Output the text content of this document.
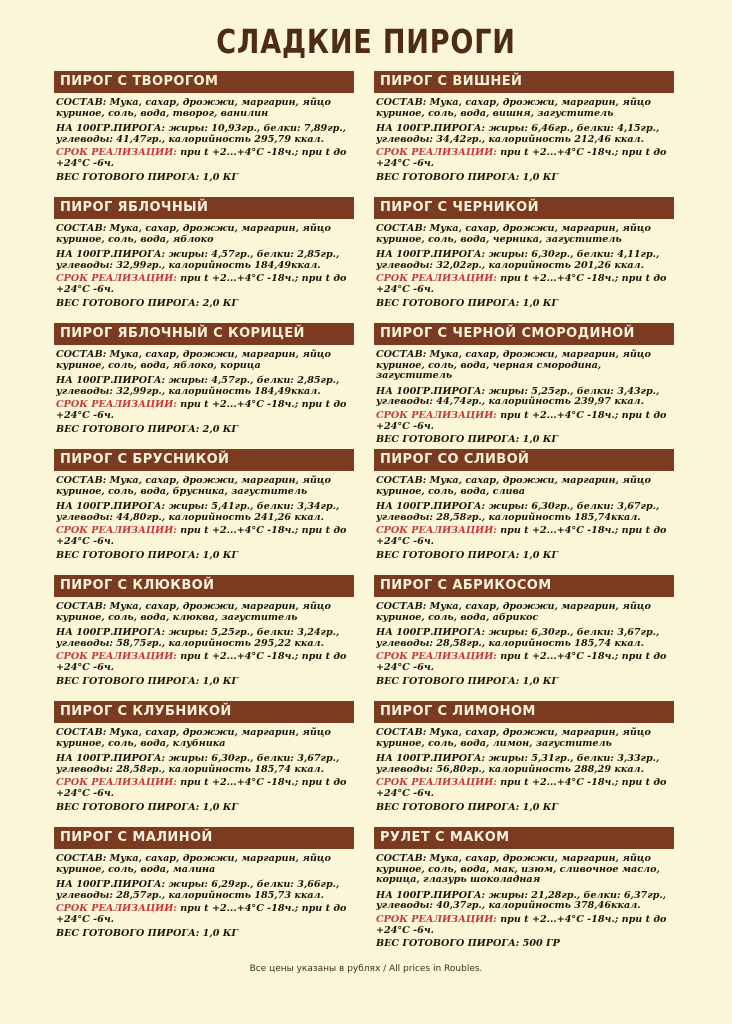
СЛАДКИЕ ПИРОГИ
ПИРОГ С ТВОРОГОМ

СОСТАВ: Мука, сахар, дрожжи, маргарин, яйцо куриное, соль, вода, творог, ванилин

НА 100ГР.ПИРОГА: жиры: 10,93гр., белки: 7,89гр., углеводы: 41,47гр., калорийность 295,79 ккал.

СРОК РЕАЛИЗАЦИИ: при t +2...+4°С -18ч.; при t до +24°С -6ч.

ВЕС ГОТОВОГО ПИРОГА: 1,0 КГ

ПИРОГ ЯБЛОЧНЫЙ

СОСТАВ: Мука, сахар, дрожжи, маргарин, яйцо куриное, соль, вода, яблоко

НА 100ГР.ПИРОГА: жиры: 4,57гр., белки: 2,85гр., углеводы: 32,99гр., калорийность 184,49ккал.

СРОК РЕАЛИЗАЦИИ: при t +2...+4°С -18ч.; при t до +24°С -6ч.

ВЕС ГОТОВОГО ПИРОГА: 2,0 КГ

ПИРОГ ЯБЛОЧНЫЙ С КОРИЦЕЙ

СОСТАВ: Мука, сахар, дрожжи, маргарин, яйцо куриное, соль, вода, яблоко, корица

НА 100ГР.ПИРОГА: жиры: 4,57гр., белки: 2,85гр., углеводы: 32,99гр., калорийность 184,49ккал.

СРОК РЕАЛИЗАЦИИ: при t +2...+4°С -18ч.; при t до +24°С -6ч.

ВЕС ГОТОВОГО ПИРОГА: 2,0 КГ

ПИРОГ С БРУСНИКОЙ

СОСТАВ: Мука, сахар, дрожжи, маргарин, яйцо куриное, соль, вода, брусника, загуститель

НА 100ГР.ПИРОГА: жиры: 5,41гр., белки: 3,34гр., углеводы: 44,80гр., калорийность 241,26 ккал.

СРОК РЕАЛИЗАЦИИ: при t +2...+4°С -18ч.; при t до +24°С -6ч.

ВЕС ГОТОВОГО ПИРОГА: 1,0 КГ

ПИРОГ С КЛЮКВОЙ

СОСТАВ: Мука, сахар, дрожжи, маргарин, яйцо куриное, соль, вода, клюква, загуститель

НА 100ГР.ПИРОГА: жиры: 5,25гр., белки: 3,24гр., углеводы: 58,75гр., калорийность 295,22 ккал.

СРОК РЕАЛИЗАЦИИ: при t +2...+4°С -18ч.; при t до +24°С -6ч.

ВЕС ГОТОВОГО ПИРОГА: 1,0 КГ

ПИРОГ С КЛУБНИКОЙ

СОСТАВ: Мука, сахар, дрожжи, маргарин, яйцо куриное, соль, вода, клубника

НА 100ГР.ПИРОГА: жиры: 6,30гр., белки: 3,67гр., углеводы: 28,58гр., калорийность 185,74 ккал.

СРОК РЕАЛИЗАЦИИ: при t +2...+4°С -18ч.; при t до +24°С -6ч.

ВЕС ГОТОВОГО ПИРОГА: 1,0 КГ

ПИРОГ С МАЛИНОЙ

СОСТАВ: Мука, сахар, дрожжи, маргарин, яйцо куриное, соль, вода, малина

НА 100ГР.ПИРОГА: жиры: 6,29гр., белки: 3,66гр., углеводы: 28,57гр., калорийность 185,73 ккал.

СРОК РЕАЛИЗАЦИИ: при t +2...+4°С -18ч.; при t до +24°С -6ч.

ВЕС ГОТОВОГО ПИРОГА: 1,0 КГ

ПИРОГ С ВИШНЕЙ

СОСТАВ: Мука, сахар, дрожжи, маргарин, яйцо куриное, соль, вода, вишня, загуститель

НА 100ГР.ПИРОГА: жиры: 6,46гр., белки: 4,15гр., углеводы: 34,42гр., калорийность 212,46 ккал.

СРОК РЕАЛИЗАЦИИ: при t +2...+4°С -18ч.; при t до +24°С -6ч.

ВЕС ГОТОВОГО ПИРОГА: 1,0 КГ

ПИРОГ С ЧЕРНИКОЙ

СОСТАВ: Мука, сахар, дрожжи, маргарин, яйцо куриное, соль, вода, черника, загуститель

НА 100ГР.ПИРОГА: жиры: 6,30гр., белки: 4,11гр., углеводы: 32,02гр., калорийность 201,26 ккал.

СРОК РЕАЛИЗАЦИИ: при t +2...+4°С -18ч.; при t до +24°С -6ч.

ВЕС ГОТОВОГО ПИРОГА: 1,0 КГ

ПИРОГ С ЧЕРНОЙ СМОРОДИНОЙ

СОСТАВ: Мука, сахар, дрожжи, маргарин, яйцо куриное, соль, вода, черная смородина, загуститель

НА 100ГР.ПИРОГА: жиры: 5,25гр., белки: 3,43гр., углеводы: 44,74гр., калорийность 239,97 ккал.

СРОК РЕАЛИЗАЦИИ: при t +2...+4°С -18ч.; при t до +24°С -6ч.

ВЕС ГОТОВОГО ПИРОГА: 1,0 КГ

ПИРОГ СО СЛИВОЙ

СОСТАВ: Мука, сахар, дрожжи, маргарин, яйцо куриное, соль, вода, слива

НА 100ГР.ПИРОГА: жиры: 6,30гр., белки: 3,67гр., углеводы: 28,58гр., калорийность 185,74ккал.

СРОК РЕАЛИЗАЦИИ: при t +2...+4°С -18ч.; при t до +24°С -6ч.

ВЕС ГОТОВОГО ПИРОГА: 1,0 КГ

ПИРОГ С АБРИКОСОМ

СОСТАВ: Мука, сахар, дрожжи, маргарин, яйцо куриное, соль, вода, абрикос

НА 100ГР.ПИРОГА: жиры: 6,30гр., белки: 3,67гр., углеводы: 28,58гр., калорийность 185,74 ккал.

СРОК РЕАЛИЗАЦИИ: при t +2...+4°С -18ч.; при t до +24°С -6ч.

ВЕС ГОТОВОГО ПИРОГА: 1,0 КГ

ПИРОГ С ЛИМОНОМ

СОСТАВ: Мука, сахар, дрожжи, маргарин, яйцо куриное, соль, вода, лимон, загуститель

НА 100ГР.ПИРОГА: жиры: 5,31гр., белки: 3,33гр., углеводы: 56,80гр., калорийность 288,29 ккал.

СРОК РЕАЛИЗАЦИИ: при t +2...+4°С -18ч.; при t до +24°С -6ч.

ВЕС ГОТОВОГО ПИРОГА: 1,0 КГ

РУЛЕТ С МАКОМ

СОСТАВ: Мука, сахар, дрожжи, маргарин, яйцо куриное, соль, вода, мак, изюм, сливочное масло, корица, глазурь шоколадная

НА 100ГР.ПИРОГА: жиры: 21,28гр., белки: 6,37гр., углеводы: 40,37гр., калорийность 378,46ккал.

СРОК РЕАЛИЗАЦИИ: при t +2...+4°С -18ч.; при t до +24°С -6ч.

ВЕС ГОТОВОГО ПИРОГА: 500 ГР

Все цены указаны в рублях / All prices in Roubles.
